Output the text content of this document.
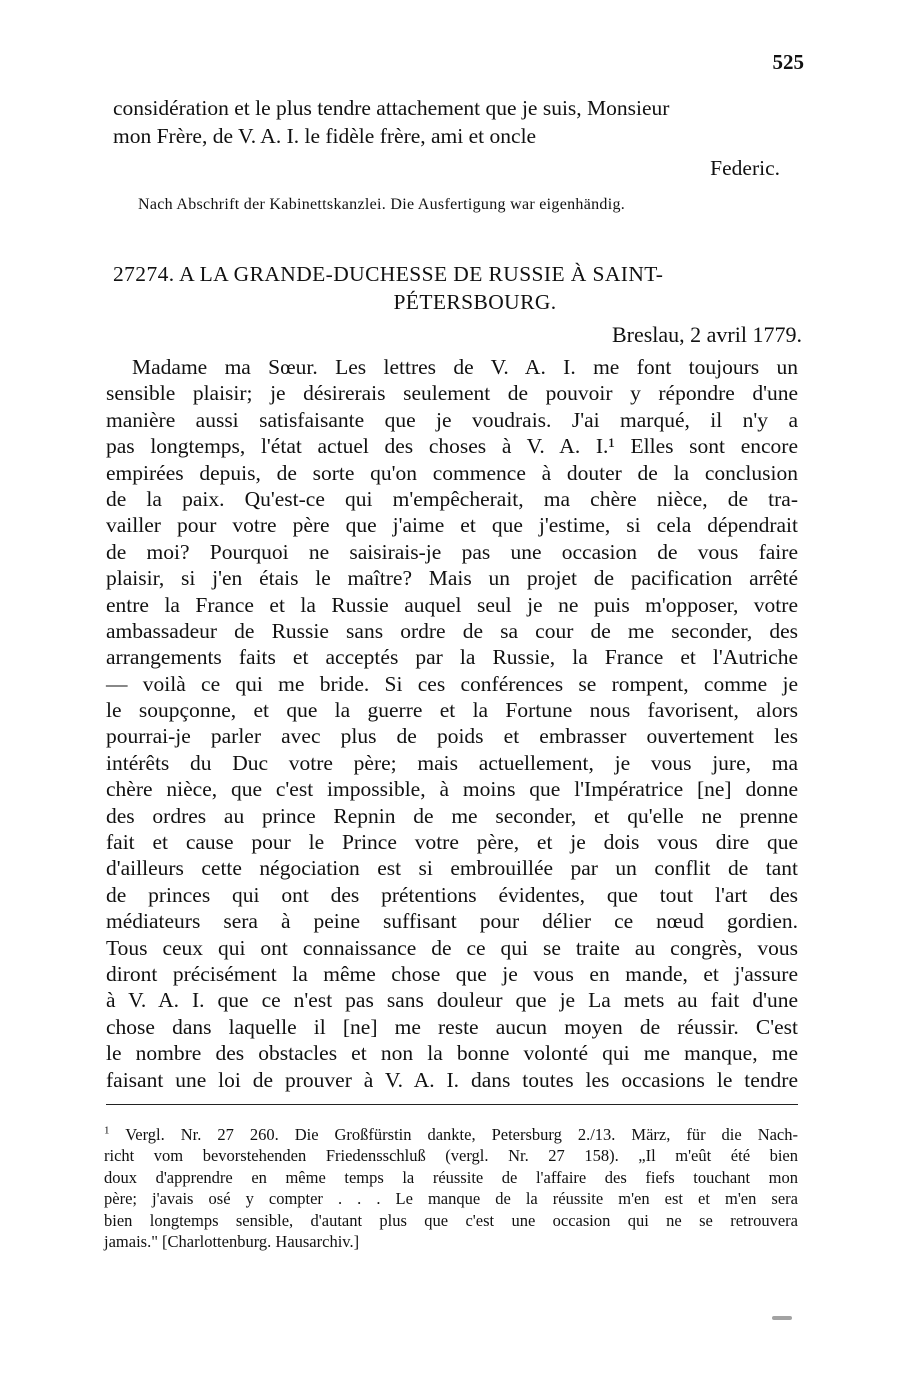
525
considération et le plus tendre attachement que je suis, Monsieur
mon Frère, de V. A. I. le fidèle frère, ami et oncle
Federic.
Nach Abschrift der Kabinettskanzlei. Die Ausfertigung war eigenhändig.
27274. A LA GRANDE-DUCHESSE DE RUSSIE À SAINT-
PÉTERSBOURG.
Breslau, 2 avril 1779.
Madame ma Sœur. Les lettres de V. A. I. me font toujours un
sensible plaisir; je désirerais seulement de pouvoir y répondre d'une
manière aussi satisfaisante que je voudrais. J'ai marqué, il n'y a
pas longtemps, l'état actuel des choses à V. A. I.¹ Elles sont encore
empirées depuis, de sorte qu'on commence à douter de la conclusion
de la paix. Qu'est-ce qui m'empêcherait, ma chère nièce, de tra-
vailler pour votre père que j'aime et que j'estime, si cela dépendrait
de moi? Pourquoi ne saisirais-je pas une occasion de vous faire
plaisir, si j'en étais le maître? Mais un projet de pacification arrêté
entre la France et la Russie auquel seul je ne puis m'opposer, votre
ambassadeur de Russie sans ordre de sa cour de me seconder, des
arrangements faits et acceptés par la Russie, la France et l'Autriche
— voilà ce qui me bride. Si ces conférences se rompent, comme je
le soupçonne, et que la guerre et la Fortune nous favorisent, alors
pourrai-je parler avec plus de poids et embrasser ouvertement les
intérêts du Duc votre père; mais actuellement, je vous jure, ma
chère nièce, que c'est impossible, à moins que l'Impératrice [ne] donne
des ordres au prince Repnin de me seconder, et qu'elle ne prenne
fait et cause pour le Prince votre père, et je dois vous dire que
d'ailleurs cette négociation est si embrouillée par un conflit de tant
de princes qui ont des prétentions évidentes, que tout l'art des
médiateurs sera à peine suffisant pour délier ce nœud gordien.
Tous ceux qui ont connaissance de ce qui se traite au congrès, vous
diront précisément la même chose que je vous en mande, et j'assure
à V. A. I. que ce n'est pas sans douleur que je La mets au fait d'une
chose dans laquelle il [ne] me reste aucun moyen de réussir. C'est
le nombre des obstacles et non la bonne volonté qui me manque, me
faisant une loi de prouver à V. A. I. dans toutes les occasions le tendre
$^1$ Vergl. Nr. 27 260. Die Großfürstin dankte, Petersburg 2./13. März, für die Nach-
richt vom bevorstehenden Friedensschluß (vergl. Nr. 27 158). „Il m'eût été bien
doux d'apprendre en même temps la réussite de l'affaire des fiefs touchant mon
père; j'avais osé y compter . . . Le manque de la réussite m'en est et m'en sera
bien longtemps sensible, d'autant plus que c'est une occasion qui ne se retrouvera
jamais." [Charlottenburg. Hausarchiv.]
